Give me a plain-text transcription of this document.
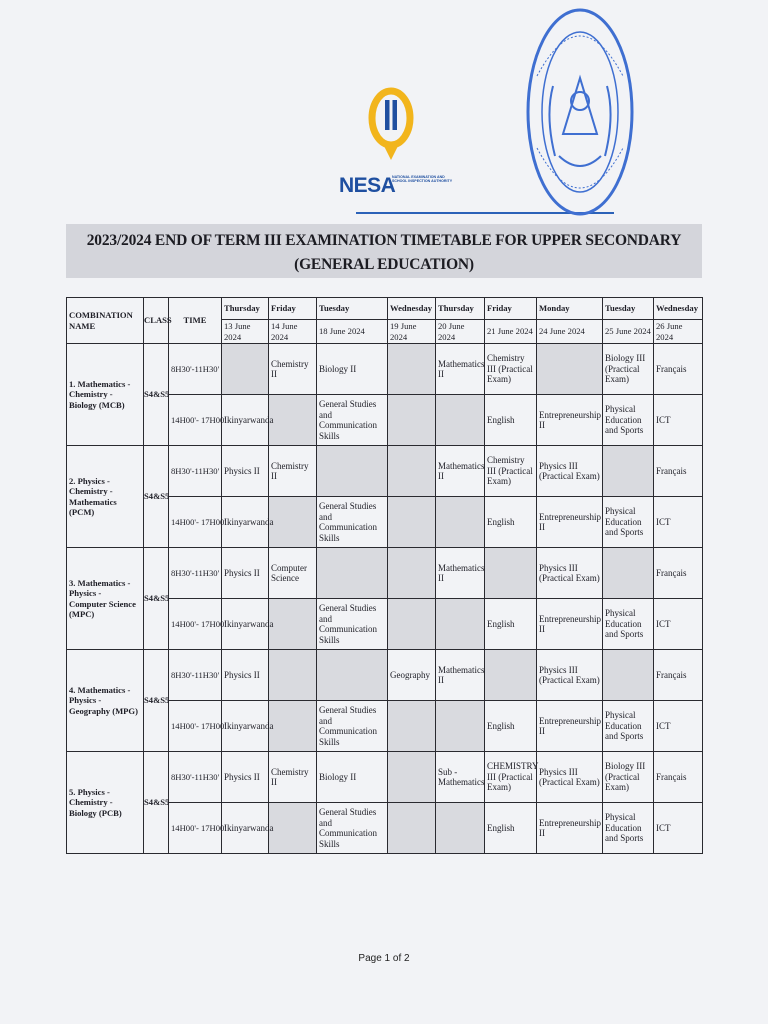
NESA
NATIONAL EXAMINATION AND SCHOOL INSPECTION AUTHORITY
2023/2024 END OF TERM III EXAMINATION TIMETABLE FOR UPPER SECONDARY
(GENERAL EDUCATION)
COMBINATION NAME	CLASS	TIME	Thursday	Friday	Tuesday	Wednesday	Thursday	Friday	Monday	Tuesday	Wednesday
			13 June 2024	14 June 2024	18 June 2024	19 June 2024	20 June 2024	21 June 2024	24 June 2024	25 June 2024	26 June 2024
1. Mathematics - Chemistry - Biology (MCB)	S4&S5	8H30'-11H30'		Chemistry II	Biology II		Mathematics II	Chemistry III (Practical Exam)		Biology III (Practical Exam)	Français
		14H00'- 17H00'	Ikinyarwanda		General Studies and Communication Skills			English	Entrepreneurship II	Physical Education and Sports	ICT
2. Physics - Chemistry - Mathematics (PCM)	S4&S5	8H30'-11H30'	Physics II	Chemistry II			Mathematics II	Chemistry III (Practical Exam)	Physics III (Practical Exam)		Français
		14H00'- 17H00'	Ikinyarwanda		General Studies and Communication Skills			English	Entrepreneurship II	Physical Education and Sports	ICT
3. Mathematics - Physics - Computer Science (MPC)	S4&S5	8H30'-11H30'	Physics II	Computer Science			Mathematics II		Physics III (Practical Exam)		Français
		14H00'- 17H00'	Ikinyarwanda		General Studies and Communication Skills			English	Entrepreneurship II	Physical Education and Sports	ICT
4. Mathematics - Physics - Geography (MPG)	S4&S5	8H30'-11H30'	Physics II			Geography	Mathematics II		Physics III (Practical Exam)		Français
		14H00'- 17H00'	Ikinyarwanda		General Studies and Communication Skills			English	Entrepreneurship II	Physical Education and Sports	ICT
5. Physics - Chemistry - Biology (PCB)	S4&S5	8H30'-11H30'	Physics II	Chemistry II	Biology II		Sub - Mathematics	CHEMISTRY III (Practical Exam)	Physics III (Practical Exam)	Biology III (Practical Exam)	Français
		14H00'- 17H00'	Ikinyarwanda		General Studies and Communication Skills			English	Entrepreneurship II	Physical Education and Sports	ICT
Page 1 of 2
